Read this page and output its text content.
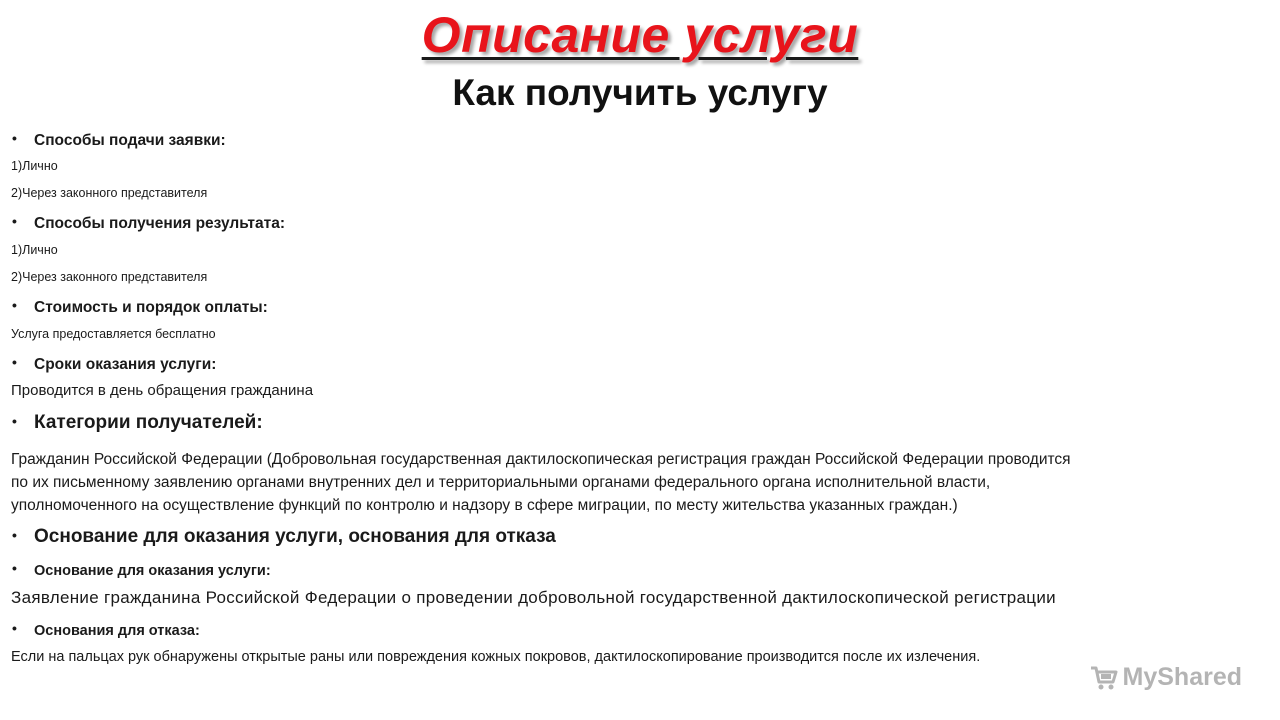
Описание услуги
Как получить услугу
• Способы подачи заявки:
1)Лично
2)Через законного представителя
• Способы получения результата:
1)Лично
2)Через законного представителя
• Стоимость и порядок оплаты:
Услуга предоставляется бесплатно
• Сроки оказания услуги:
Проводится в день обращения гражданина
• Категории получателей:
Гражданин Российской Федерации (Добровольная государственная дактилоскопическая регистрация граждан Российской Федерации проводится
по их письменному заявлению органами внутренних дел и территориальными органами федерального органа исполнительной власти,
уполномоченного на осуществление функций по контролю и надзору в сфере миграции, по месту жительства указанных граждан.)
• Основание для оказания услуги, основания для отказа
• Основание для оказания услуги:
Заявление гражданина Российской Федерации о проведении добровольной государственной дактилоскопической регистрации
• Основания для отказа:
Если на пальцах рук обнаружены открытые раны или повреждения кожных покровов, дактилоскопирование производится после их излечения.
MyShared
